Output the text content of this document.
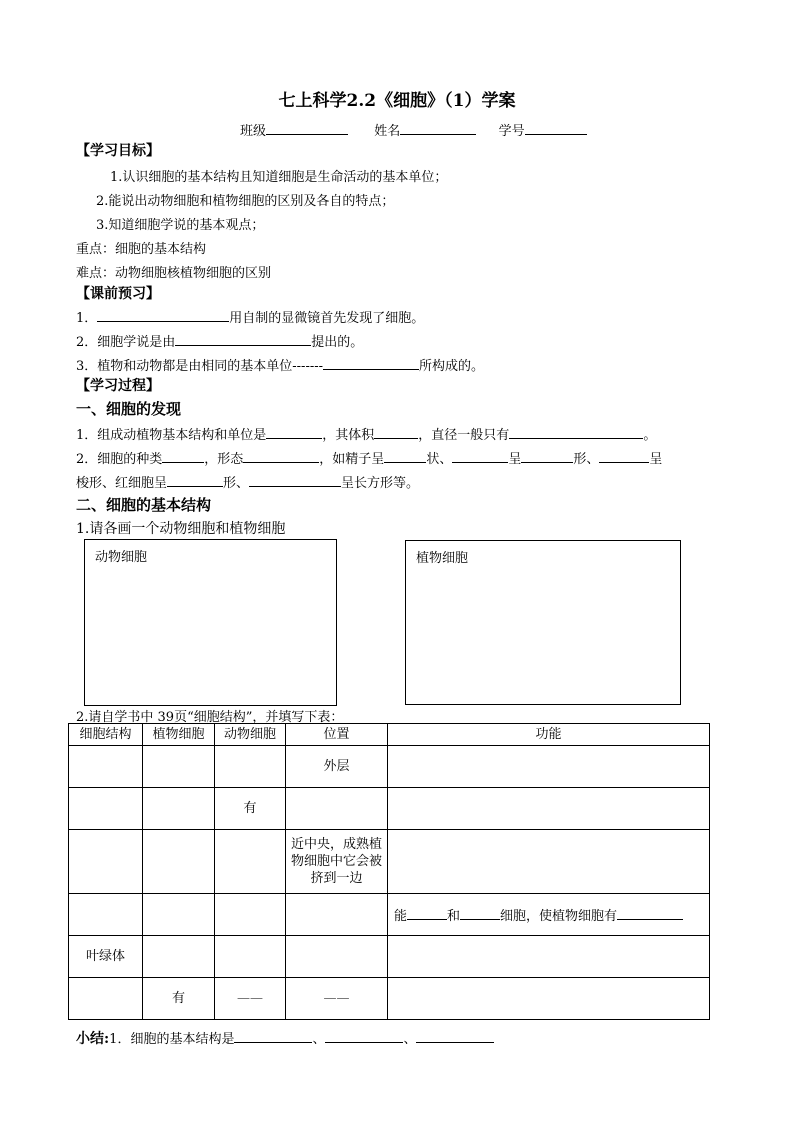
七上科学2.2《细胞》（1）学案
班级	姓名	学号
【学习目标】
1.认识细胞的基本结构且知道细胞是生命活动的基本单位；
2.能说出动物细胞和植物细胞的区别及各自的特点；
3.知道细胞学说的基本观点；
重点：细胞的基本结构
难点：动物细胞核植物细胞的区别
【课前预习】
1．	用自制的显微镜首先发现了细胞。
2．细胞学说是由	提出的。
3．植物和动物都是由相同的基本单位-------	所构成的。
【学习过程】
一、细胞的发现
1．组成动植物基本结构和单位是	，其体积	，直径一般只有	。
2．细胞的种类	，形态	，如精子呈	状、	呈	形、	呈
梭形、红细胞呈	形、	呈长方形等。
二、细胞的基本结构
1.请各画一个动物细胞和植物细胞
动物细胞	植物细胞
2.请自学书中 39页“细胞结构”，并填写下表：
细胞结构	植物细胞	动物细胞	位置	功能
			外层	
		有		
			近中央，成熟植物细胞中它会被挤到一边	
				能 和 细胞，使植物细胞有
叶绿体				
	有	——	——	
小结:1．细胞的基本结构是	、	、
